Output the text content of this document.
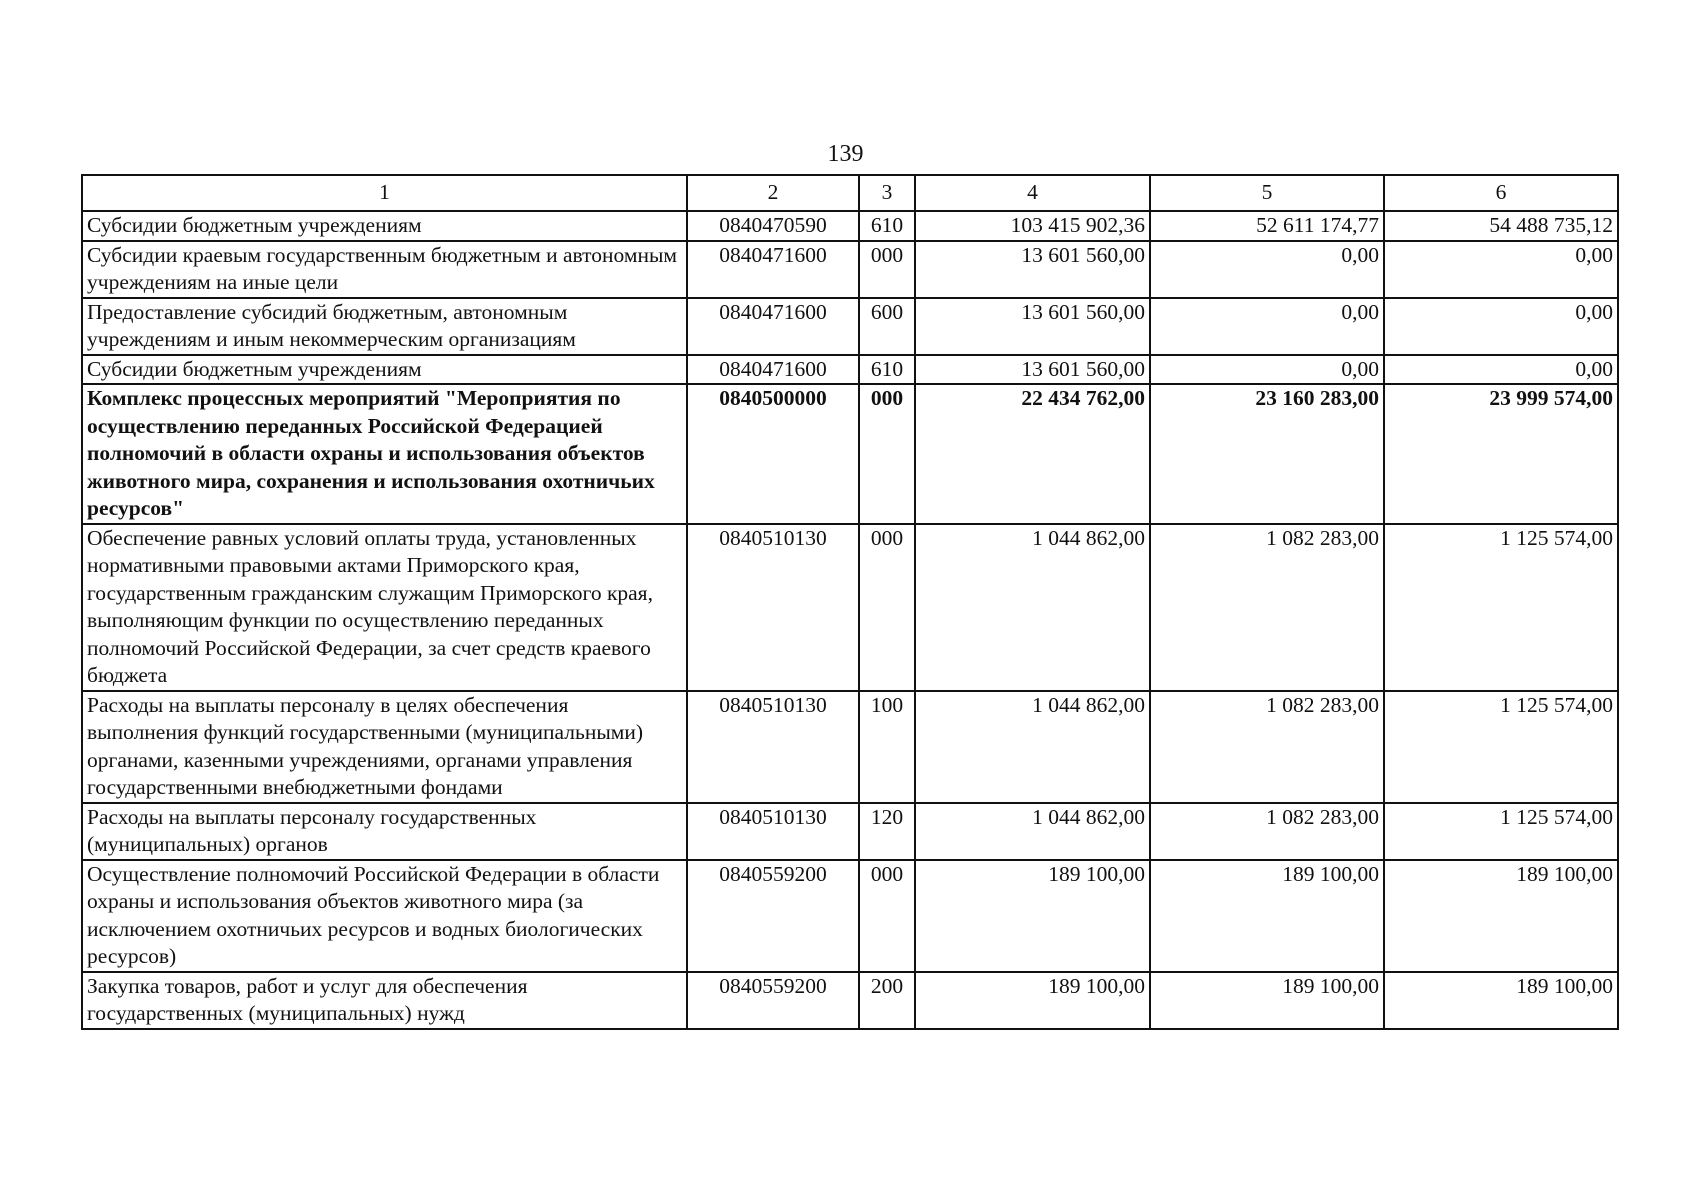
139
1	2	3	4	5	6
Субсидии бюджетным учреждениям	0840470590	610	103 415 902,36	52 611 174,77	54 488 735,12
Субсидии краевым государственным бюджетным и автономным учреждениям на иные цели	0840471600	000	13 601 560,00	0,00	0,00
Предоставление субсидий бюджетным, автономным учреждениям и иным некоммерческим организациям	0840471600	600	13 601 560,00	0,00	0,00
Субсидии бюджетным учреждениям	0840471600	610	13 601 560,00	0,00	0,00
Комплекс процессных мероприятий "Мероприятия по осуществлению переданных Российской Федерацией полномочий в области охраны и использования объектов животного мира, сохранения и использования охотничьих ресурсов"	0840500000	000	22 434 762,00	23 160 283,00	23 999 574,00
Обеспечение равных условий оплаты труда, установленных нормативными правовыми актами Приморского края, государственным гражданским служащим Приморского края, выполняющим функции по осуществлению переданных полномочий Российской Федерации, за счет средств краевого бюджета	0840510130	000	1 044 862,00	1 082 283,00	1 125 574,00
Расходы на выплаты персоналу в целях обеспечения выполнения функций государственными (муниципальными) органами, казенными учреждениями, органами управления государственными внебюджетными фондами	0840510130	100	1 044 862,00	1 082 283,00	1 125 574,00
Расходы на выплаты персоналу государственных (муниципальных) органов	0840510130	120	1 044 862,00	1 082 283,00	1 125 574,00
Осуществление полномочий Российской Федерации в области охраны и использования объектов животного мира (за исключением охотничьих ресурсов и водных биологических ресурсов)	0840559200	000	189 100,00	189 100,00	189 100,00
Закупка товаров, работ и услуг для обеспечения государственных (муниципальных) нужд	0840559200	200	189 100,00	189 100,00	189 100,00
